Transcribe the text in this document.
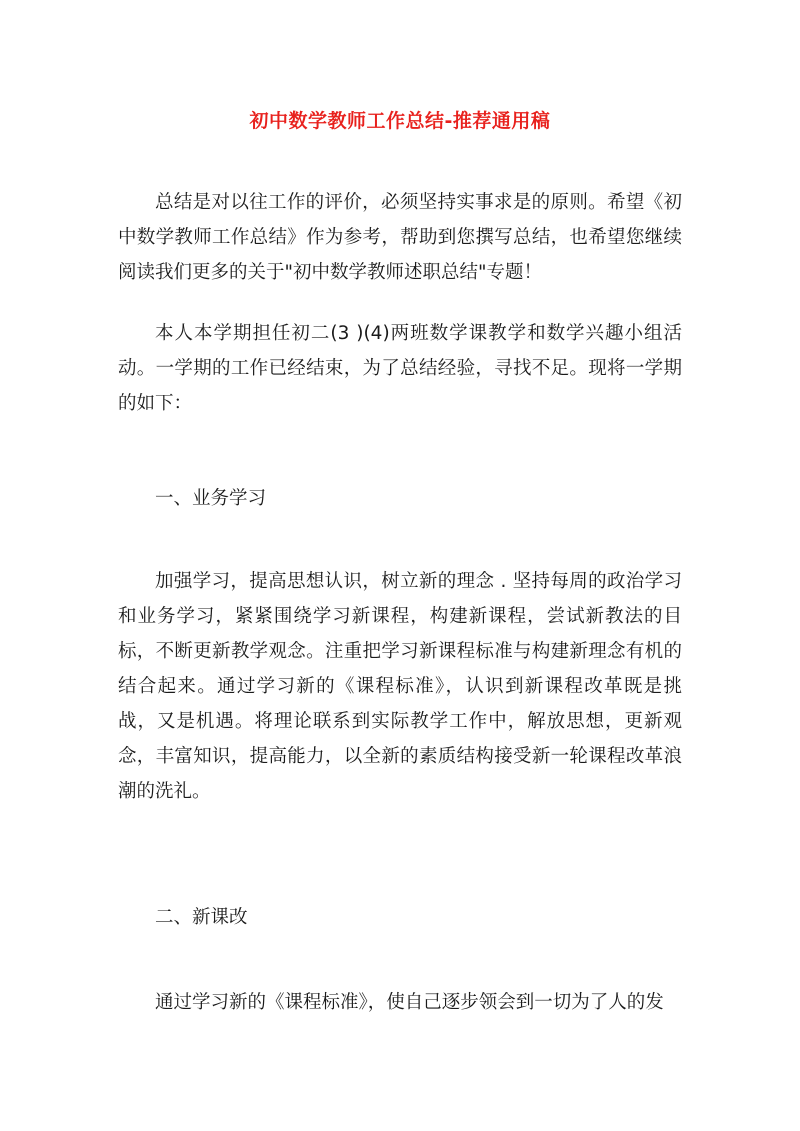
初中数学教师工作总结-推荐通用稿

总结是对以往工作的评价，必须坚持实事求是的原则。希望《初中数学教师工作总结》作为参考，帮助到您撰写总结，也希望您继续阅读我们更多的关于"初中数学教师述职总结"专题！

本人本学期担任初二(3 )(4)两班数学课教学和数学兴趣小组活动。一学期的工作已经结束，为了总结经验，寻找不足。现将一学期的如下：

一、业务学习

加强学习，提高思想认识，树立新的理念 . 坚持每周的政治学习和业务学习，紧紧围绕学习新课程，构建新课程，尝试新教法的目标，不断更新教学观念。注重把学习新课程标准与构建新理念有机的结合起来。通过学习新的《课程标准》，认识到新课程改革既是挑战，又是机遇。将理论联系到实际教学工作中，解放思想，更新观念，丰富知识，提高能力，以全新的素质结构接受新一轮课程改革浪潮的洗礼。

二、新课改

通过学习新的《课程标准》，使自己逐步领会到一切为了人的发
